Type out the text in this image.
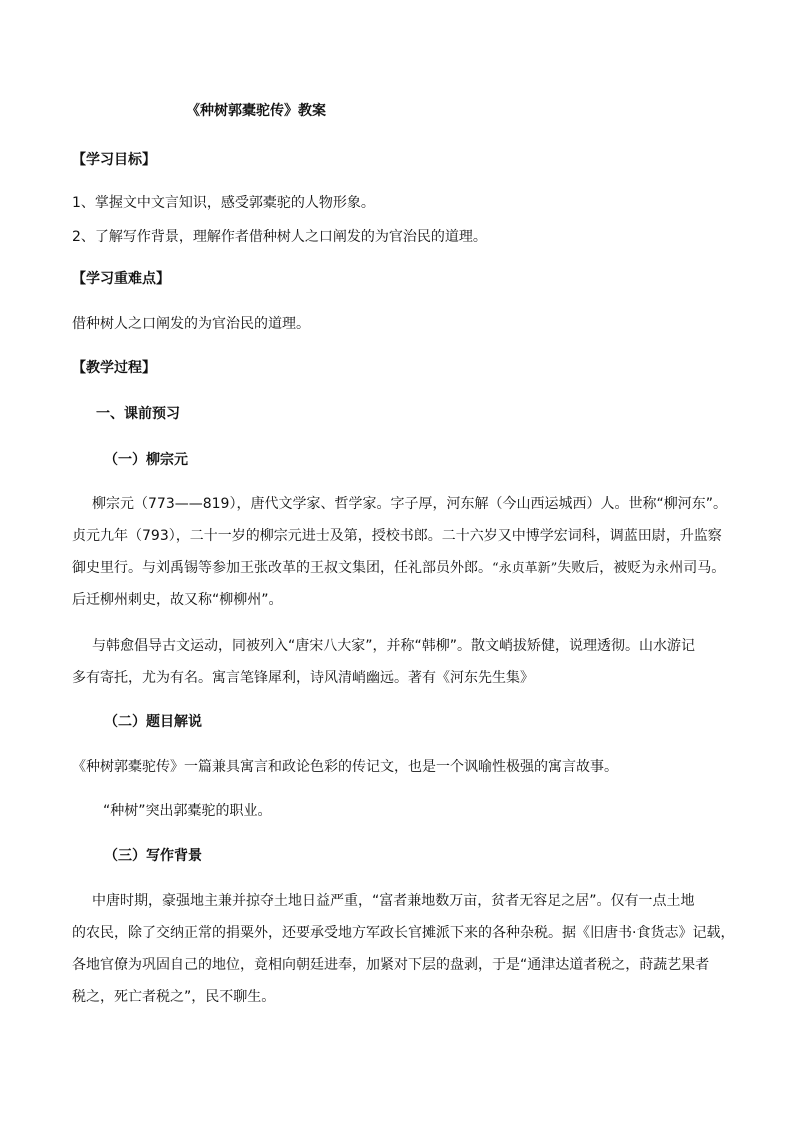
《种树郭橐驼传》教案
【学习目标】
1、掌握文中文言知识，感受郭橐驼的人物形象。
2、了解写作背景，理解作者借种树人之口阐发的为官治民的道理。
【学习重难点】
借种树人之口阐发的为官治民的道理。
【教学过程】
一、课前预习
（一）柳宗元
柳宗元（773——819），唐代文学家、哲学家。字子厚，河东解（今山西运城西）人。世称“柳河东”。
贞元九年（793），二十一岁的柳宗元进士及第，授校书郎。二十六岁又中博学宏词科，调蓝田尉，升监察
御史里行。与刘禹锡等参加王张改革的王叔文集团，任礼部员外郎。“永贞革新”失败后，被贬为永州司马。
后迁柳州刺史，故又称“柳柳州”。
与韩愈倡导古文运动，同被列入“唐宋八大家”，并称“韩柳”。散文峭拔矫健，说理透彻。山水游记
多有寄托，尤为有名。寓言笔锋犀利，诗风清峭幽远。著有《河东先生集》
（二）题目解说
《种树郭橐驼传》一篇兼具寓言和政论色彩的传记文，也是一个讽喻性极强的寓言故事。
“种树”突出郭橐驼的职业。
（三）写作背景
中唐时期，豪强地主兼并掠夺土地日益严重，“富者兼地数万亩，贫者无容足之居”。仅有一点土地
的农民，除了交纳正常的捐粟外，还要承受地方军政长官摊派下来的各种杂税。据《旧唐书·食货志》记载，
各地官僚为巩固自己的地位，竟相向朝廷进奉，加紧对下层的盘剥，于是“通津达道者税之，莳蔬艺果者
税之，死亡者税之”，民不聊生。
